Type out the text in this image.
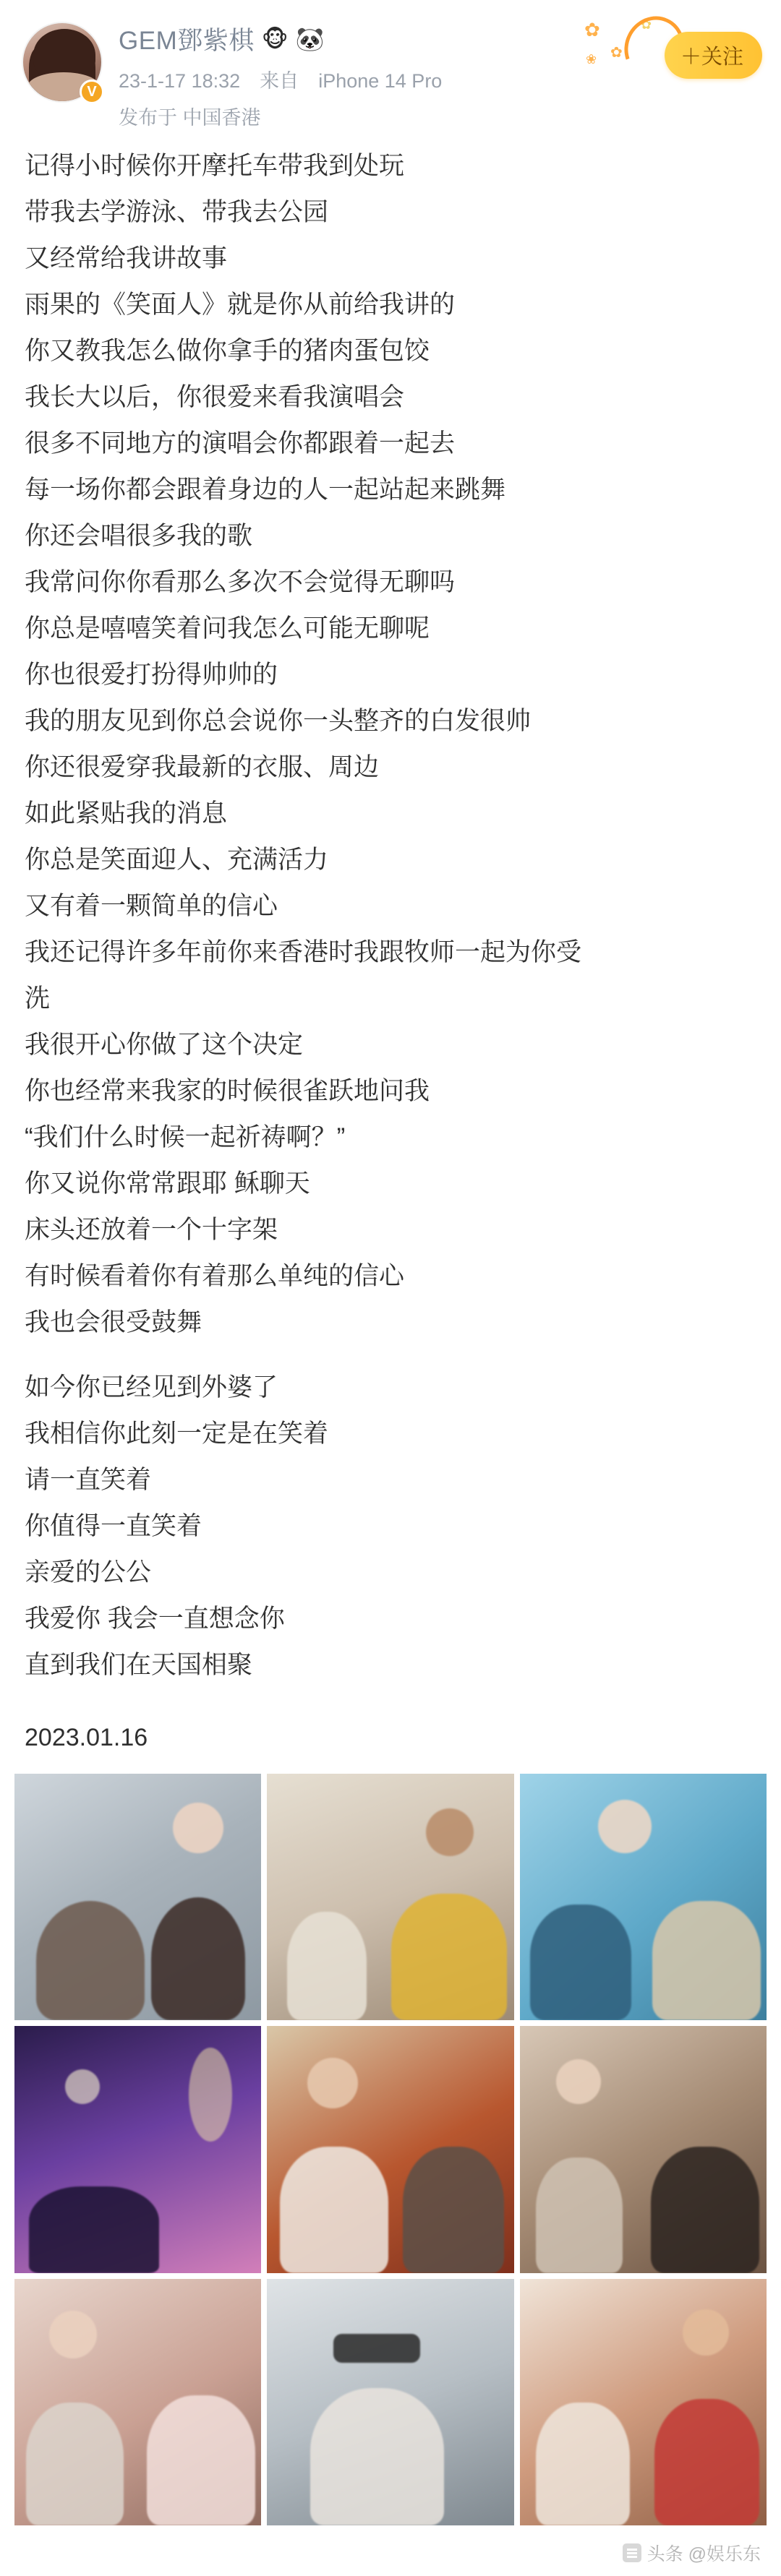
V
GEM鄧紫棋 🐵 🐼
23-1-17 18:32 来自 iPhone 14 Pro
发布于 中国香港
✿
✿
❀
✿
＋关注
记得小时候你开摩托车带我到处玩
带我去学游泳、带我去公园
又经常给我讲故事
雨果的《笑面人》就是你从前给我讲的
你又教我怎么做你拿手的猪肉蛋包饺
我长大以后，你很爱来看我演唱会
很多不同地方的演唱会你都跟着一起去
每一场你都会跟着身边的人一起站起来跳舞
你还会唱很多我的歌
我常问你你看那么多次不会觉得无聊吗
你总是嘻嘻笑着问我怎么可能无聊呢
你也很爱打扮得帅帅的
我的朋友见到你总会说你一头整齐的白发很帅
你还很爱穿我最新的衣服、周边
如此紧贴我的消息
你总是笑面迎人、充满活力
又有着一颗简单的信心
我还记得许多年前你来香港时我跟牧师一起为你受
洗
我很开心你做了这个决定
你也经常来我家的时候很雀跃地问我
“我们什么时候一起祈祷啊？”
你又说你常常跟耶 稣聊天
床头还放着一个十字架
有时候看着你有着那么单纯的信心
我也会很受鼓舞
如今你已经见到外婆了
我相信你此刻一定是在笑着
请一直笑着
你值得一直笑着
亲爱的公公
我爱你 我会一直想念你
直到我们在天国相聚
2023.01.16
头条 @娱乐东
